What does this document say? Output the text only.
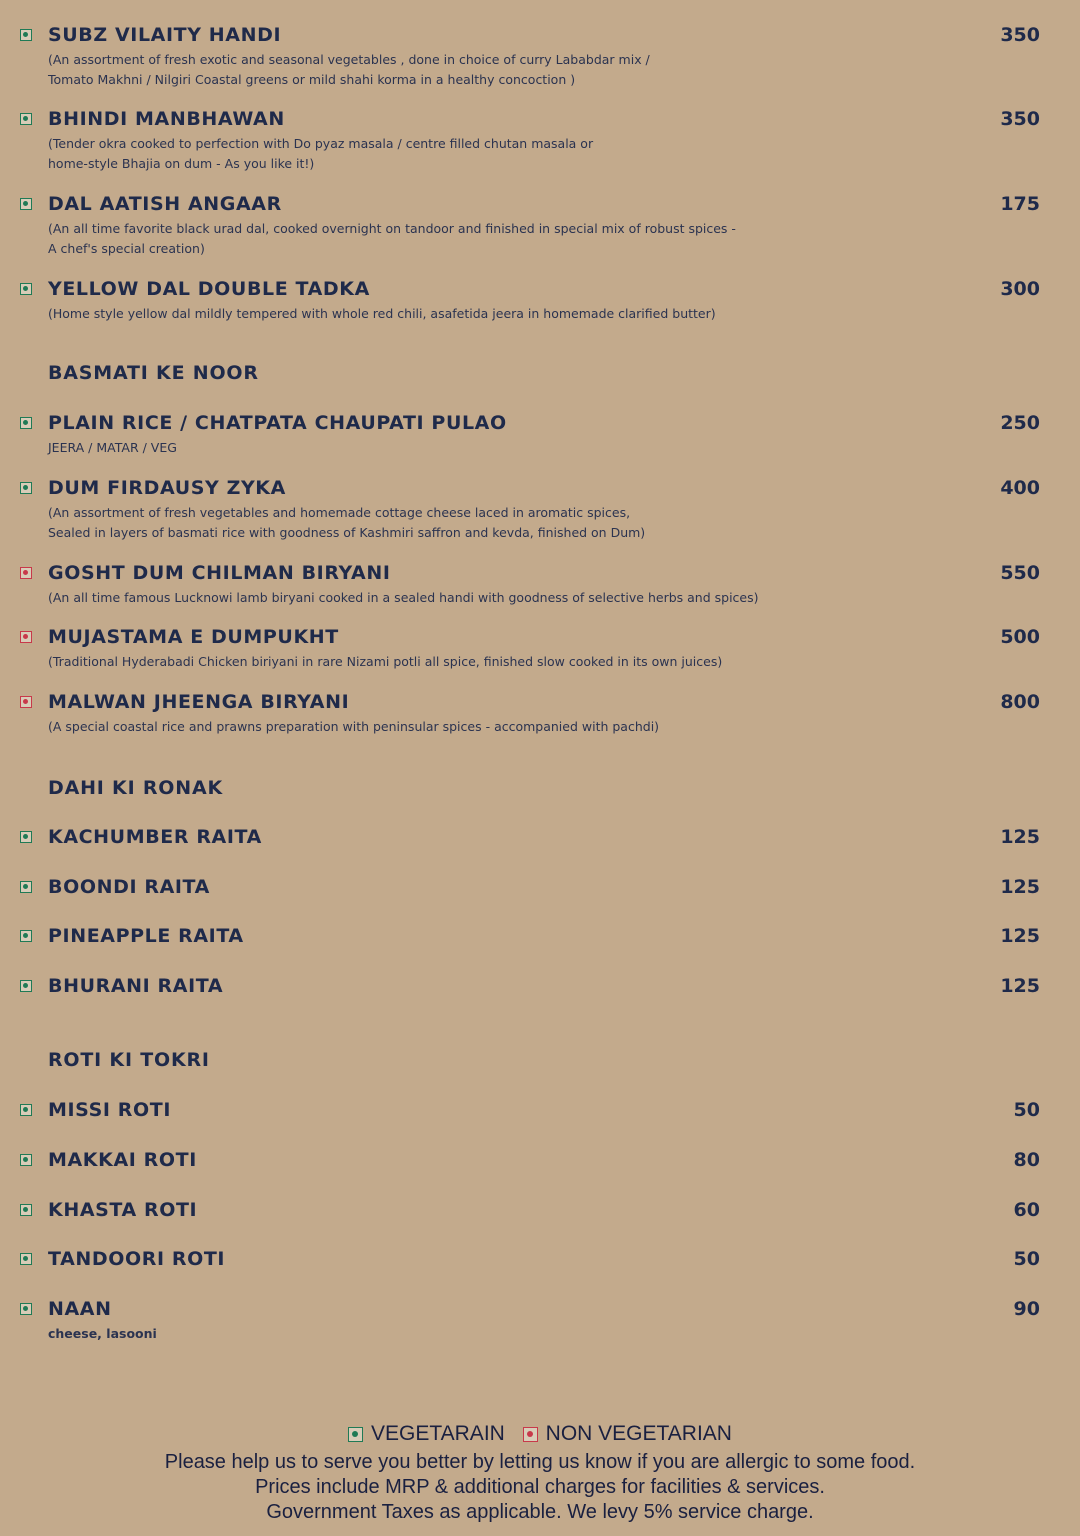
SUBZ VILAITY HANDI	350
(An assortment of fresh exotic and seasonal vegetables , done in choice of curry Lababdar mix /
Tomato Makhni / Nilgiri Coastal greens or mild shahi korma in a healthy concoction )
BHINDI MANBHAWAN	350
(Tender okra cooked to perfection with Do pyaz masala / centre filled chutan masala or
home-style Bhajia on dum - As you like it!)
DAL AATISH ANGAAR	175
(An all time favorite black urad dal, cooked overnight on tandoor and finished in special mix of robust spices -
A chef's special creation)
YELLOW DAL DOUBLE TADKA	300
(Home style yellow dal mildly tempered with whole red chili, asafetida jeera in homemade clarified butter)
BASMATI KE NOOR
PLAIN RICE / CHATPATA CHAUPATI PULAO	250
JEERA / MATAR / VEG
DUM FIRDAUSY ZYKA	400
(An assortment of fresh vegetables and homemade cottage cheese laced in aromatic spices,
Sealed in layers of basmati rice with goodness of Kashmiri saffron and kevda, finished on Dum)
GOSHT DUM CHILMAN BIRYANI	550
(An all time famous Lucknowi lamb biryani cooked in a sealed handi with goodness of selective herbs and spices)
MUJASTAMA E DUMPUKHT	500
(Traditional Hyderabadi Chicken biriyani in rare Nizami potli all spice, finished slow cooked in its own juices)
MALWAN JHEENGA BIRYANI	800
(A special coastal rice and prawns preparation with peninsular spices - accompanied with pachdi)
DAHI KI RONAK
KACHUMBER RAITA	125
BOONDI RAITA	125
PINEAPPLE RAITA	125
BHURANI RAITA	125
ROTI KI TOKRI
MISSI ROTI	50
MAKKAI ROTI	80
KHASTA ROTI	60
TANDOORI ROTI	50
NAAN	90
cheese, lasooni
VEGETARAIN NON VEGETARIAN
Please help us to serve you better by letting us know if you are allergic to some food.
Prices include MRP & additional charges for facilities & services.
Government Taxes as applicable. We levy 5% service charge.
